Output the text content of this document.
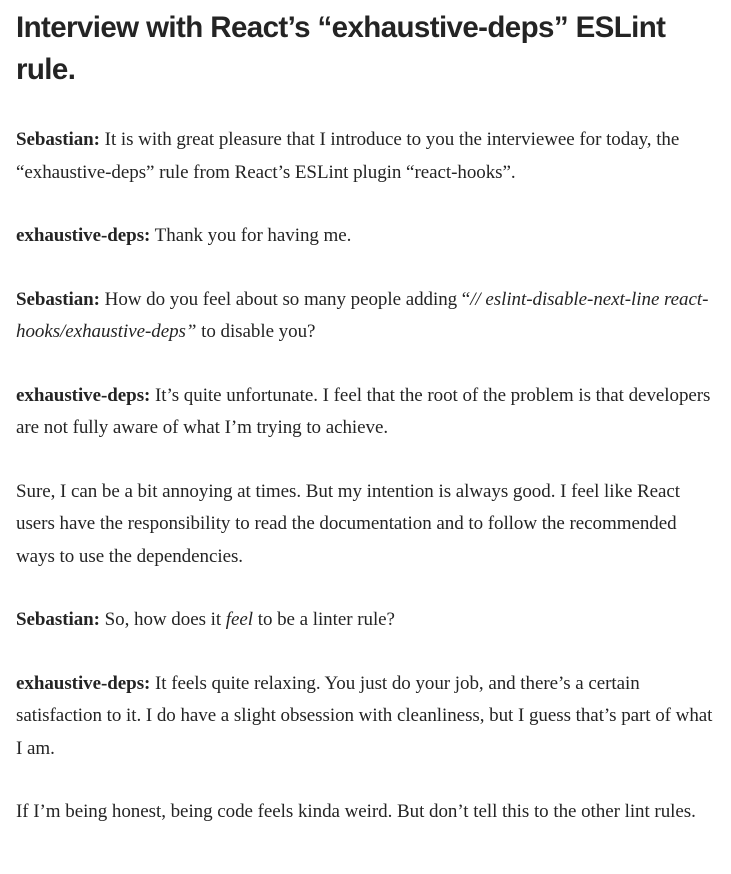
Interview with React’s “exhaustive-deps” ESLint rule.

Sebastian: It is with great pleasure that I introduce to you the interviewee for today, the “exhaustive-deps” rule from React’s ESLint plugin “react-hooks”.

exhaustive-deps: Thank you for having me.

Sebastian: How do you feel about so many people adding “// eslint-disable-next-line react-hooks/exhaustive-deps” to disable you?

exhaustive-deps: It’s quite unfortunate. I feel that the root of the problem is that developers are not fully aware of what I’m trying to achieve.

Sure, I can be a bit annoying at times. But my intention is always good. I feel like React users have the responsibility to read the documentation and to follow the recommended ways to use the dependencies.

Sebastian: So, how does it feel to be a linter rule?

exhaustive-deps: It feels quite relaxing. You just do your job, and there’s a certain satisfaction to it. I do have a slight obsession with cleanliness, but I guess that’s part of what I am.

If I’m being honest, being code feels kinda weird. But don’t tell this to the other lint rules.
